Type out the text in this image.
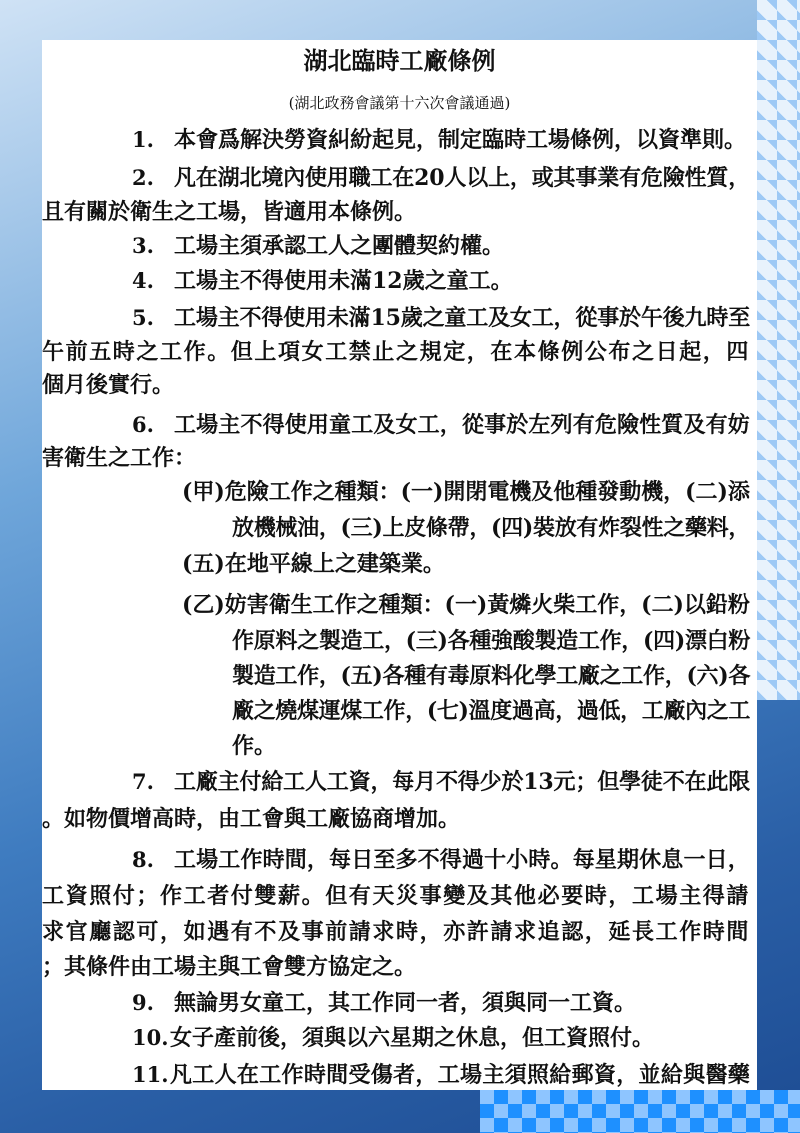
湖北臨時工廠條例
(湖北政務會議第十六次會議通過)
1. 本會爲解決勞資糾紛起見，制定臨時工場條例，以資準則。
2. 凡在湖北境內使用職工在20人以上，或其事業有危險性質，
且有關於衛生之工場，皆適用本條例。
3. 工場主須承認工人之團體契約權。
4. 工場主不得使用未滿12歲之童工。
5. 工場主不得使用未滿15歲之童工及女工，從事於午後九時至
午前五時之工作。但上項女工禁止之規定，在本條例公布之日起，四
個月後實行。
6. 工場主不得使用童工及女工，從事於左列有危險性質及有妨
害衛生之工作：
(甲)危險工作之種類：(一)開閉電機及他種發動機，(二)添
放機械油，(三)上皮條帶，(四)裝放有炸裂性之藥料，
(五)在地平線上之建築業。
(乙)妨害衛生工作之種類：(一)黃燐火柴工作，(二)以鉛粉
作原料之製造工，(三)各種強酸製造工作，(四)漂白粉
製造工作，(五)各種有毒原料化學工廠之工作，(六)各
廠之燒煤運煤工作，(七)溫度過高，過低，工廠內之工
作。
7. 工廠主付給工人工資，每月不得少於13元；但學徒不在此限
。如物價增高時，由工會與工廠協商增加。
8. 工場工作時間，每日至多不得過十小時。每星期休息一日，
工資照付；作工者付雙薪。但有天災事變及其他必要時，工場主得請
求官廳認可，如遇有不及事前請求時，亦許請求追認，延長工作時間
；其條件由工場主與工會雙方協定之。
9. 無論男女童工，其工作同一者，須與同一工資。
10. 女子產前後，須與以六星期之休息，但工資照付。
11. 凡工人在工作時間受傷者，工場主須照給郵資，並給與醫藥
